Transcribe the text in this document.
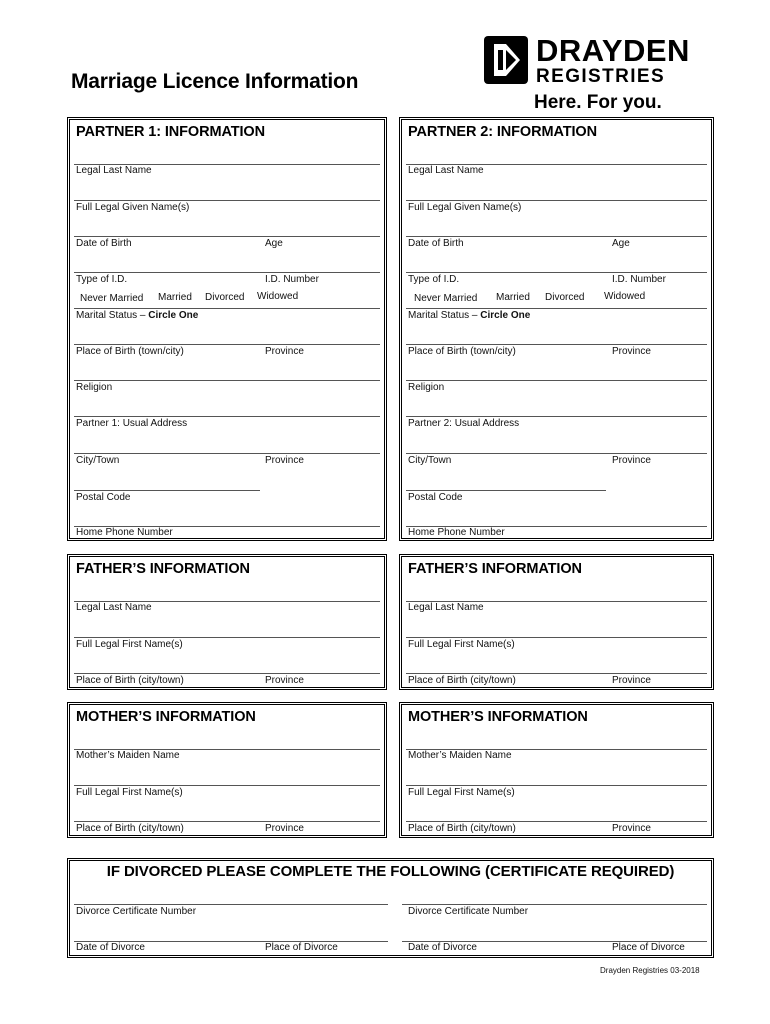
Marriage Licence Information
DRAYDEN
REGISTRIES
Here. For you.
PARTNER 1: INFORMATION
Legal Last Name
Full Legal Given Name(s)
Date of Birth	Age
Type of I.D.	I.D. Number
Never Married Married Divorced Widowed
Marital Status – Circle One
Place of Birth (town/city)	Province
Religion
Partner 1: Usual Address
City/Town	Province
Postal Code
Home Phone Number
PARTNER 2: INFORMATION
Legal Last Name
Full Legal Given Name(s)
Date of Birth	Age
Type of I.D.	I.D. Number
Never Married Married Divorced Widowed
Marital Status – Circle One
Place of Birth (town/city)	Province
Religion
Partner 2: Usual Address
City/Town	Province
Postal Code
Home Phone Number
FATHER’S INFORMATION
Legal Last Name
Full Legal First Name(s)
Place of Birth (city/town)	Province
FATHER’S INFORMATION
Legal Last Name
Full Legal First Name(s)
Place of Birth (city/town)	Province
MOTHER’S INFORMATION
Mother’s Maiden Name
Full Legal First Name(s)
Place of Birth (city/town)	Province
MOTHER’S INFORMATION
Mother’s Maiden Name
Full Legal First Name(s)
Place of Birth (city/town)	Province
IF DIVORCED PLEASE COMPLETE THE FOLLOWING (CERTIFICATE REQUIRED)
Divorce Certificate Number	Divorce Certificate Number
Date of Divorce	Place of Divorce	Date of Divorce	Place of Divorce
Drayden Registries 03-2018
